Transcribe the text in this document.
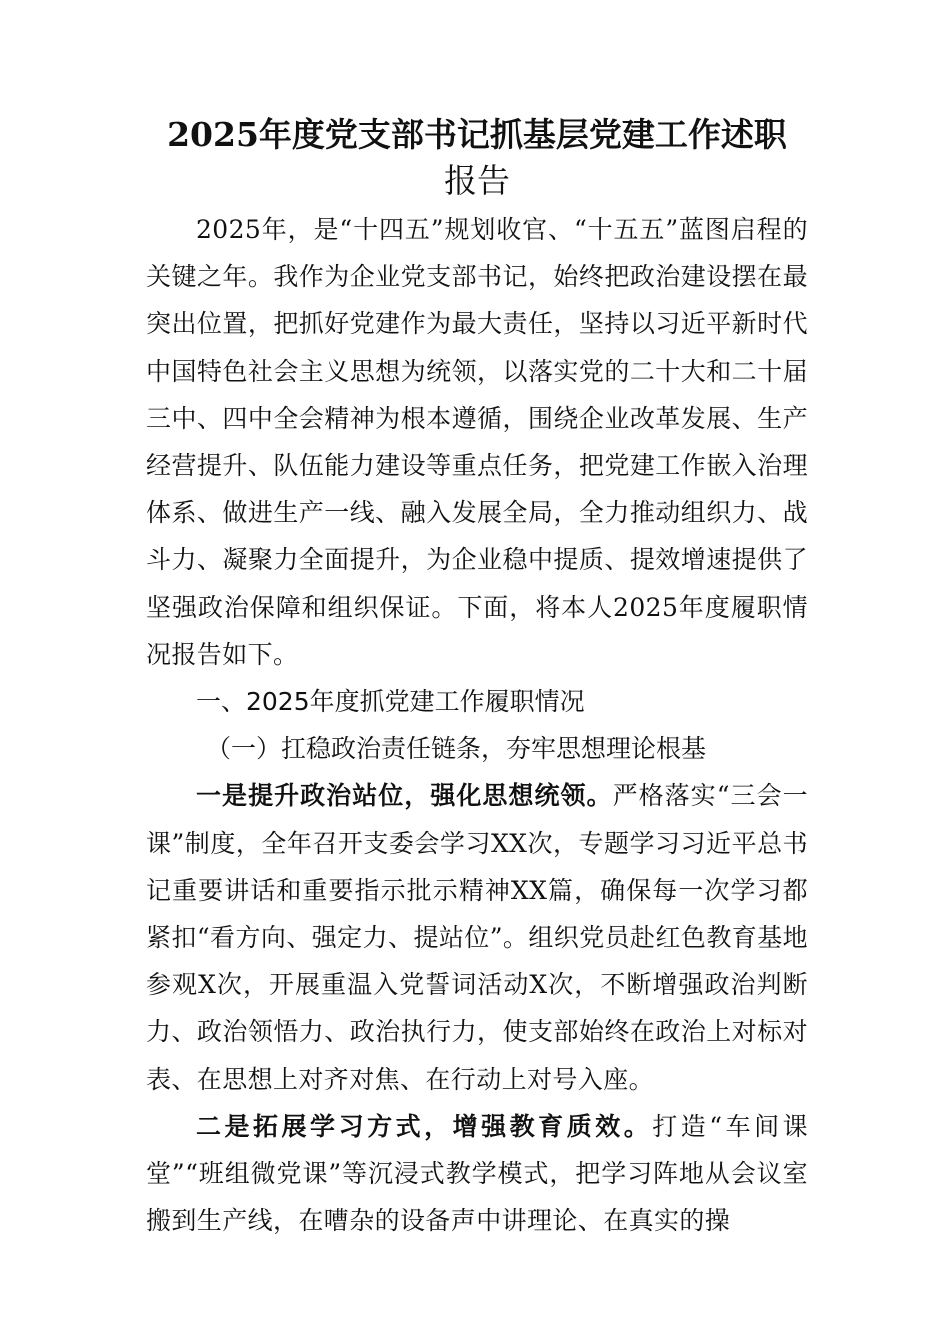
2025年度党支部书记抓基层党建工作述职
报告

2025年，是“十四五”规划收官、“十五五”蓝图启程的关键之年。我作为企业党支部书记，始终把政治建设摆在最突出位置，把抓好党建作为最大责任，坚持以习近平新时代中国特色社会主义思想为统领，以落实党的二十大和二十届三中、四中全会精神为根本遵循，围绕企业改革发展、生产经营提升、队伍能力建设等重点任务，把党建工作嵌入治理体系、做进生产一线、融入发展全局，全力推动组织力、战斗力、凝聚力全面提升，为企业稳中提质、提效增速提供了坚强政治保障和组织保证。下面，将本人2025年度履职情况报告如下。

一、2025年度抓党建工作履职情况

（一）扛稳政治责任链条，夯牢思想理论根基

一是提升政治站位，强化思想统领。严格落实“三会一课”制度，全年召开支委会学习XX次，专题学习习近平总书记重要讲话和重要指示批示精神XX篇，确保每一次学习都紧扣“看方向、强定力、提站位”。组织党员赴红色教育基地参观X次，开展重温入党誓词活动X次，不断增强政治判断力、政治领悟力、政治执行力，使支部始终在政治上对标对表、在思想上对齐对焦、在行动上对号入座。

二是拓展学习方式，增强教育质效。打造“车间课堂”“班组微党课”等沉浸式教学模式，把学习阵地从会议室搬到生产线，在嘈杂的设备声中讲理论、在真实的操
